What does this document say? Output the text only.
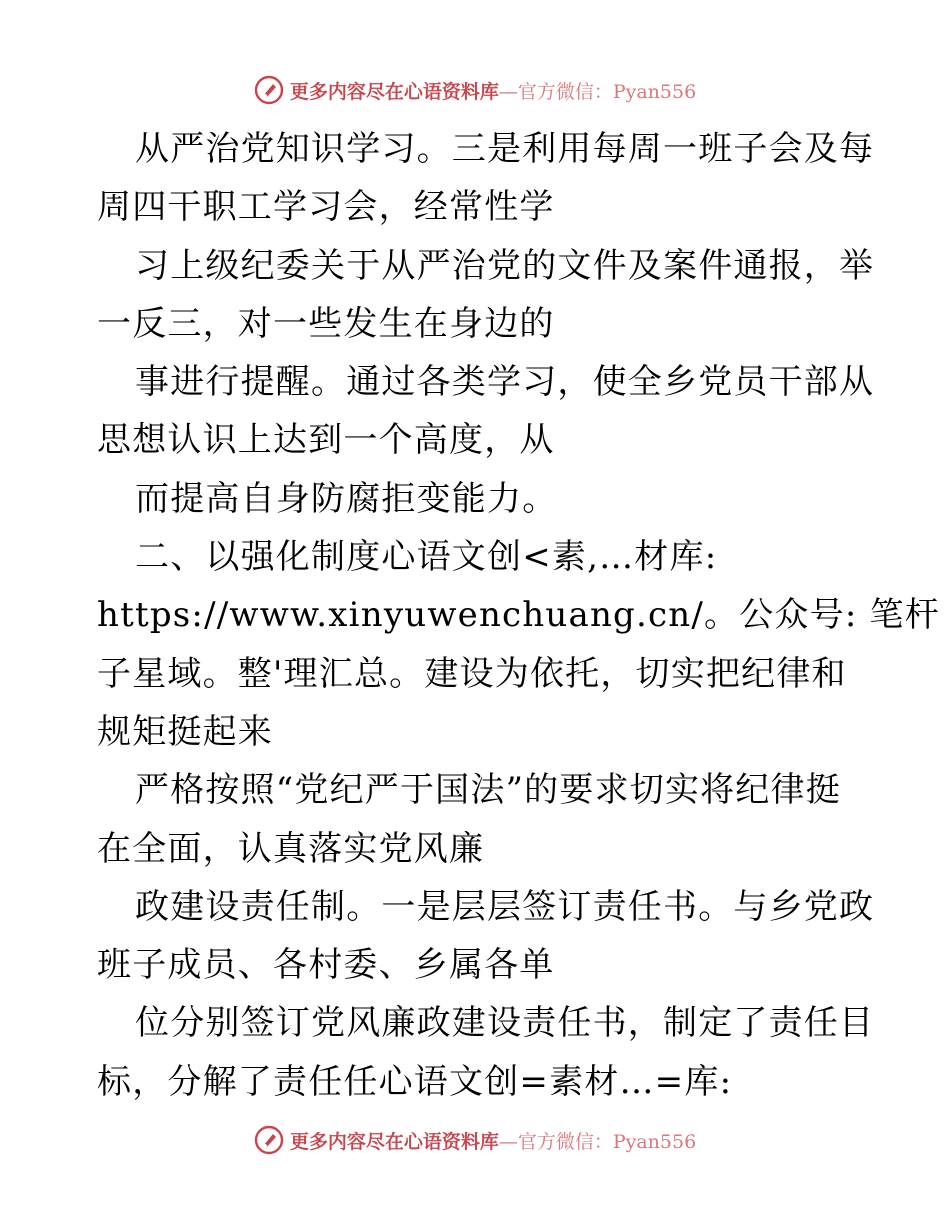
更多内容尽在心语资料库—官方微信：Pyan556
从严治党知识学习。三是利用每周一班子会及每
周四干职工学习会，经常性学
习上级纪委关于从严治党的文件及案件通报，举
一反三，对一些发生在身边的
事进行提醒。通过各类学习，使全乡党员干部从
思想认识上达到一个高度，从
而提高自身防腐拒变能力。
二、以强化制度心语文创<素,…材库:
https://www.xinyuwenchuang.cn/。公众号: 笔杆
子星域。整'理汇总。建设为依托，切实把纪律和
规矩挺起来
严格按照“党纪严于国法”的要求切实将纪律挺
在全面，认真落实党风廉
政建设责任制。一是层层签订责任书。与乡党政
班子成员、各村委、乡属各单
位分别签订党风廉政建设责任书，制定了责任目
标，分解了责任任心语文创=素材…=库:
更多内容尽在心语资料库—官方微信：Pyan556
